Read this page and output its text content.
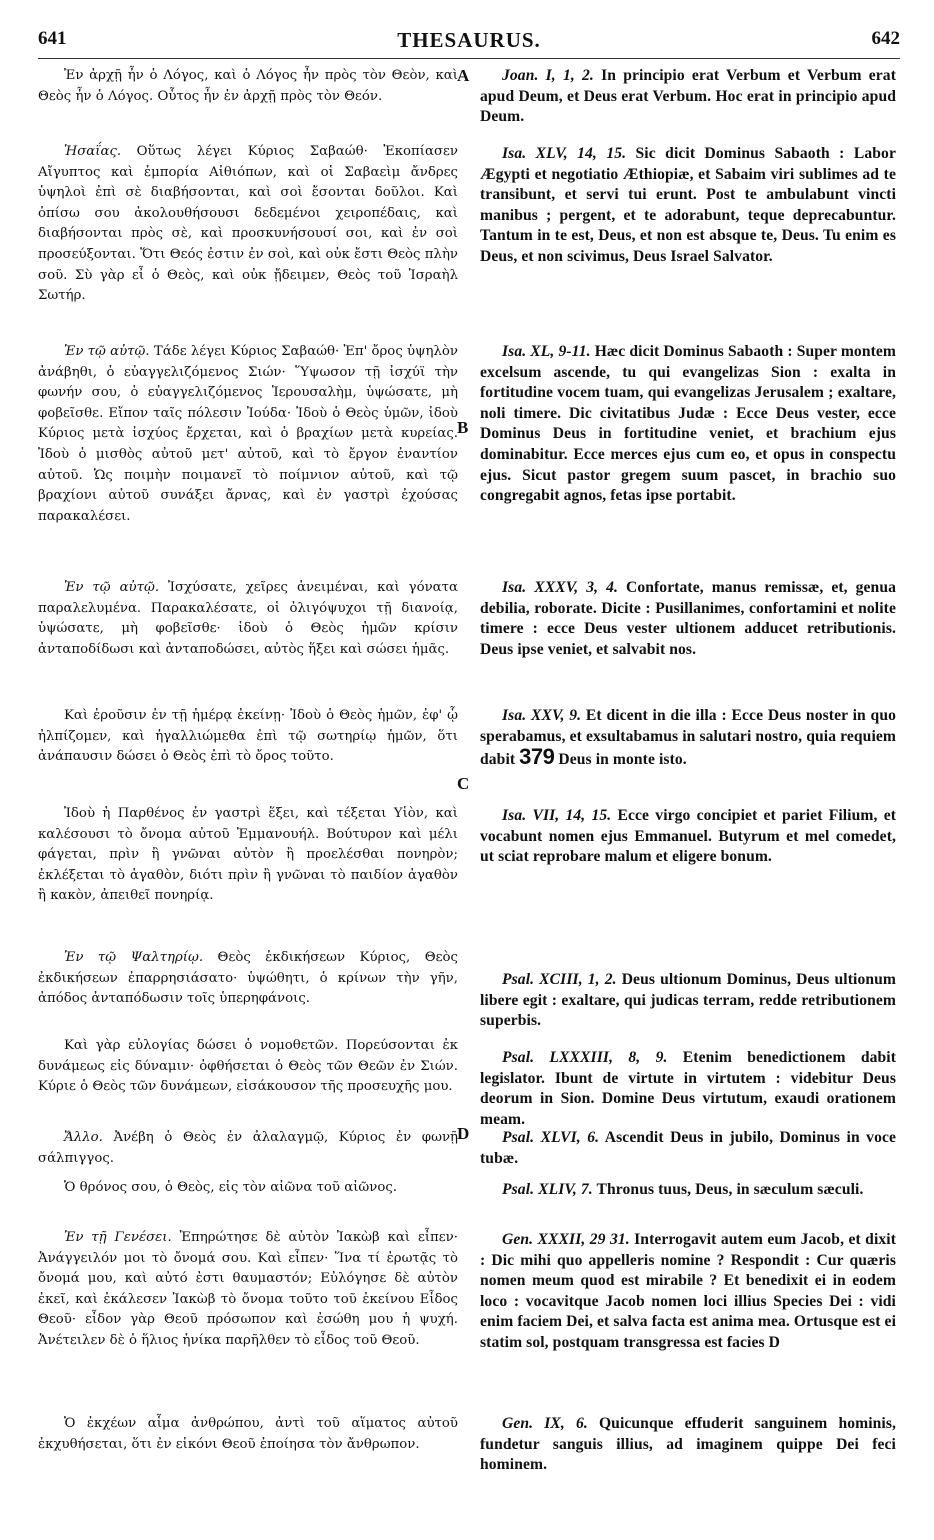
641	THESAURUS.	642

Ἐν ἀρχῇ ἦν ὁ Λόγος, καὶ ὁ Λόγος ἦν πρὸς τὸν Θεὸν, καὶ Θεὸς ἦν ὁ Λόγος. Οὗτος ἦν ἐν ἀρχῇ πρὸς τὸν Θεόν.

Ἡσαΐας. Οὕτως λέγει Κύριος Σαβαώθ· Ἐκοπίασεν Αἴγυπτος καὶ ἐμπορία Αἰθιόπων, καὶ οἱ Σαβαεὶμ ἄνδρες ὑψηλοὶ ἐπὶ σὲ διαβήσονται, καὶ σοὶ ἔσονται δοῦλοι. Καὶ ὀπίσω σου ἀκολουθήσουσι δεδεμένοι χειροπέδαις, καὶ διαβήσονται πρὸς σὲ, καὶ προσκυνήσουσί σοι, καὶ ἐν σοὶ προσεύξονται. Ὅτι Θεός ἐστιν ἐν σοὶ, καὶ οὐκ ἔστι Θεὸς πλὴν σοῦ. Σὺ γὰρ εἶ ὁ Θεὸς, καὶ οὐκ ᾔδειμεν, Θεὸς τοῦ Ἰσραὴλ Σωτήρ.

Ἐν τῷ αὐτῷ. Τάδε λέγει Κύριος Σαβαώθ· Ἐπ' ὄρος ὑψηλὸν ἀνάβηθι, ὁ εὐαγγελιζόμενος Σιών· Ὕψωσον τῇ ἰσχύϊ τὴν φωνήν σου, ὁ εὐαγγελιζόμενος Ἱερουσαλὴμ, ὑψώσατε, μὴ φοβεῖσθε. Εἴπον ταῖς πόλεσιν Ἰούδα· Ἰδοὺ ὁ Θεὸς ὑμῶν, ἰδοὺ Κύριος μετὰ ἰσχύος ἔρχεται, καὶ ὁ βραχίων μετὰ κυρείας. Ἰδοὺ ὁ μισθὸς αὐτοῦ μετ' αὐτοῦ, καὶ τὸ ἔργον ἐναντίον αὐτοῦ. Ὡς ποιμὴν ποιμανεῖ τὸ ποίμνιον αὐτοῦ, καὶ τῷ βραχίονι αὐτοῦ συνάξει ἄρνας, καὶ ἐν γαστρὶ ἐχούσας παρακαλέσει.

Ἐν τῷ αὐτῷ. Ἰσχύσατε, χεῖρες ἀνειμέναι, καὶ γόνατα παραλελυμένα. Παρακαλέσατε, οἱ ὀλιγόψυχοι τῇ διανοίᾳ, ὑψώσατε, μὴ φοβεῖσθε· ἰδοὺ ὁ Θεὸς ἡμῶν κρίσιν ἀνταποδίδωσι καὶ ἀνταποδώσει, αὐτὸς ἥξει καὶ σώσει ἡμᾶς.

Καὶ ἐροῦσιν ἐν τῇ ἡμέρᾳ ἐκείνῃ· Ἰδοὺ ὁ Θεὸς ἡμῶν, ἐφ' ᾧ ἠλπίζομεν, καὶ ἠγαλλιώμεθα ἐπὶ τῷ σωτηρίῳ ἡμῶν, ὅτι ἀνάπαυσιν δώσει ὁ Θεὸς ἐπὶ τὸ ὄρος τοῦτο.

Ἰδοὺ ἡ Παρθένος ἐν γαστρὶ ἕξει, καὶ τέξεται Υἱὸν, καὶ καλέσουσι τὸ ὄνομα αὐτοῦ Ἐμμανουήλ. Βούτυρον καὶ μέλι φάγεται, πρὶν ἢ γνῶναι αὐτὸν ἢ προελέσθαι πονηρὸν; ἐκλέξεται τὸ ἀγαθὸν, διότι πρὶν ἢ γνῶναι τὸ παιδίον ἀγαθὸν ἢ κακὸν, ἀπειθεῖ πονηρίᾳ.

Ἐν τῷ Ψαλτηρίῳ. Θεὸς ἐκδικήσεων Κύριος, Θεὸς ἐκδικήσεων ἐπαρρησιάσατο· ὑψώθητι, ὁ κρίνων τὴν γῆν, ἀπόδος ἀνταπόδωσιν τοῖς ὑπερηφάνοις.

Καὶ γὰρ εὐλογίας δώσει ὁ νομοθετῶν. Πορεύσονται ἐκ δυνάμεως εἰς δύναμιν· ὀφθήσεται ὁ Θεὸς τῶν Θεῶν ἐν Σιών. Κύριε ὁ Θεὸς τῶν δυνάμεων, εἰσάκουσον τῆς προσευχῆς μου.

Ἄλλο. Ἀνέβη ὁ Θεὸς ἐν ἀλαλαγμῷ, Κύριος ἐν φωνῇ σάλπιγγος.

Ὁ θρόνος σου, ὁ Θεὸς, εἰς τὸν αἰῶνα τοῦ αἰῶνος.

Ἐν τῇ Γενέσει. Ἐπηρώτησε δὲ αὐτὸν Ἰακὼβ καὶ εἶπεν· Ἀνάγγειλόν μοι τὸ ὄνομά σου. Καὶ εἶπεν· Ἵνα τί ἐρωτᾷς τὸ ὄνομά μου, καὶ αὐτό ἐστι θαυμαστόν; Εὐλόγησε δὲ αὐτὸν ἐκεῖ, καὶ ἐκάλεσεν Ἰακὼβ τὸ ὄνομα τοῦτο τοῦ ἐκείνου Εἶδος Θεοῦ· εἶδον γὰρ Θεοῦ πρόσωπον καὶ ἐσώθη μου ἡ ψυχή. Ἀνέτειλεν δὲ ὁ ἥλιος ἡνίκα παρῆλθεν τὸ εἶδος τοῦ Θεοῦ.

Ὁ ἐκχέων αἷμα ἀνθρώπου, ἀντὶ τοῦ αἵματος αὐτοῦ ἐκχυθήσεται, ὅτι ἐν εἰκόνι Θεοῦ ἐποίησα τὸν ἄνθρωπον.

A
B
C
D

Joan. I, 1, 2. In principio erat Verbum et Verbum erat apud Deum, et Deus erat Verbum. Hoc erat in principio apud Deum.

Isa. XLV, 14, 15. Sic dicit Dominus Sabaoth : Labor Ægypti et negotiatio Æthiopiæ, et Sabaim viri sublimes ad te transibunt, et servi tui erunt. Post te ambulabunt vincti manibus ; pergent, et te adorabunt, teque deprecabuntur. Tantum in te est, Deus, et non est absque te, Deus. Tu enim es Deus, et non scivimus, Deus Israel Salvator.

Isa. XL, 9-11. Hæc dicit Dominus Sabaoth : Super montem excelsum ascende, tu qui evangelizas Sion : exalta in fortitudine vocem tuam, qui evangelizas Jerusalem ; exaltare, noli timere. Dic civitatibus Judæ : Ecce Deus vester, ecce Dominus Deus in fortitudine veniet, et brachium ejus dominabitur. Ecce merces ejus cum eo, et opus in conspectu ejus. Sicut pastor gregem suum pascet, in brachio suo congregabit agnos, fetas ipse portabit.

Isa. XXXV, 3, 4. Confortate, manus remissæ, et, genua debilia, roborate. Dicite : Pusillanimes, confortamini et nolite timere : ecce Deus vester ultionem adducet retributionis. Deus ipse veniet, et salvabit nos.

Isa. XXV, 9. Et dicent in die illa : Ecce Deus noster in quo sperabamus, et exsultabamus in salutari nostro, quia requiem dabit 379 Deus in monte isto.

Isa. VII, 14, 15. Ecce virgo concipiet et pariet Filium, et vocabunt nomen ejus Emmanuel. Butyrum et mel comedet, ut sciat reprobare malum et eligere bonum.

Psal. XCIII, 1, 2. Deus ultionum Dominus, Deus ultionum libere egit : exaltare, qui judicas terram, redde retributionem superbis.

Psal. LXXXIII, 8, 9. Etenim benedictionem dabit legislator. Ibunt de virtute in virtutem : videbitur Deus deorum in Sion. Domine Deus virtutum, exaudi orationem meam.

Psal. XLVI, 6. Ascendit Deus in jubilo, Dominus in voce tubæ.

Psal. XLIV, 7. Thronus tuus, Deus, in sæculum sæculi.

Gen. XXXII, 29 31. Interrogavit autem eum Jacob, et dixit : Dic mihi quo appelleris nomine ? Respondit : Cur quæris nomen meum quod est mirabile ? Et benedixit ei in eodem loco : vocavitque Jacob nomen loci illius Species Dei : vidi enim faciem Dei, et salva facta est anima mea. Ortusque est ei statim sol, postquam transgressa est facies D

Gen. IX, 6. Quicunque effuderit sanguinem hominis, fundetur sanguis illius, ad imaginem quippe Dei feci hominem.
